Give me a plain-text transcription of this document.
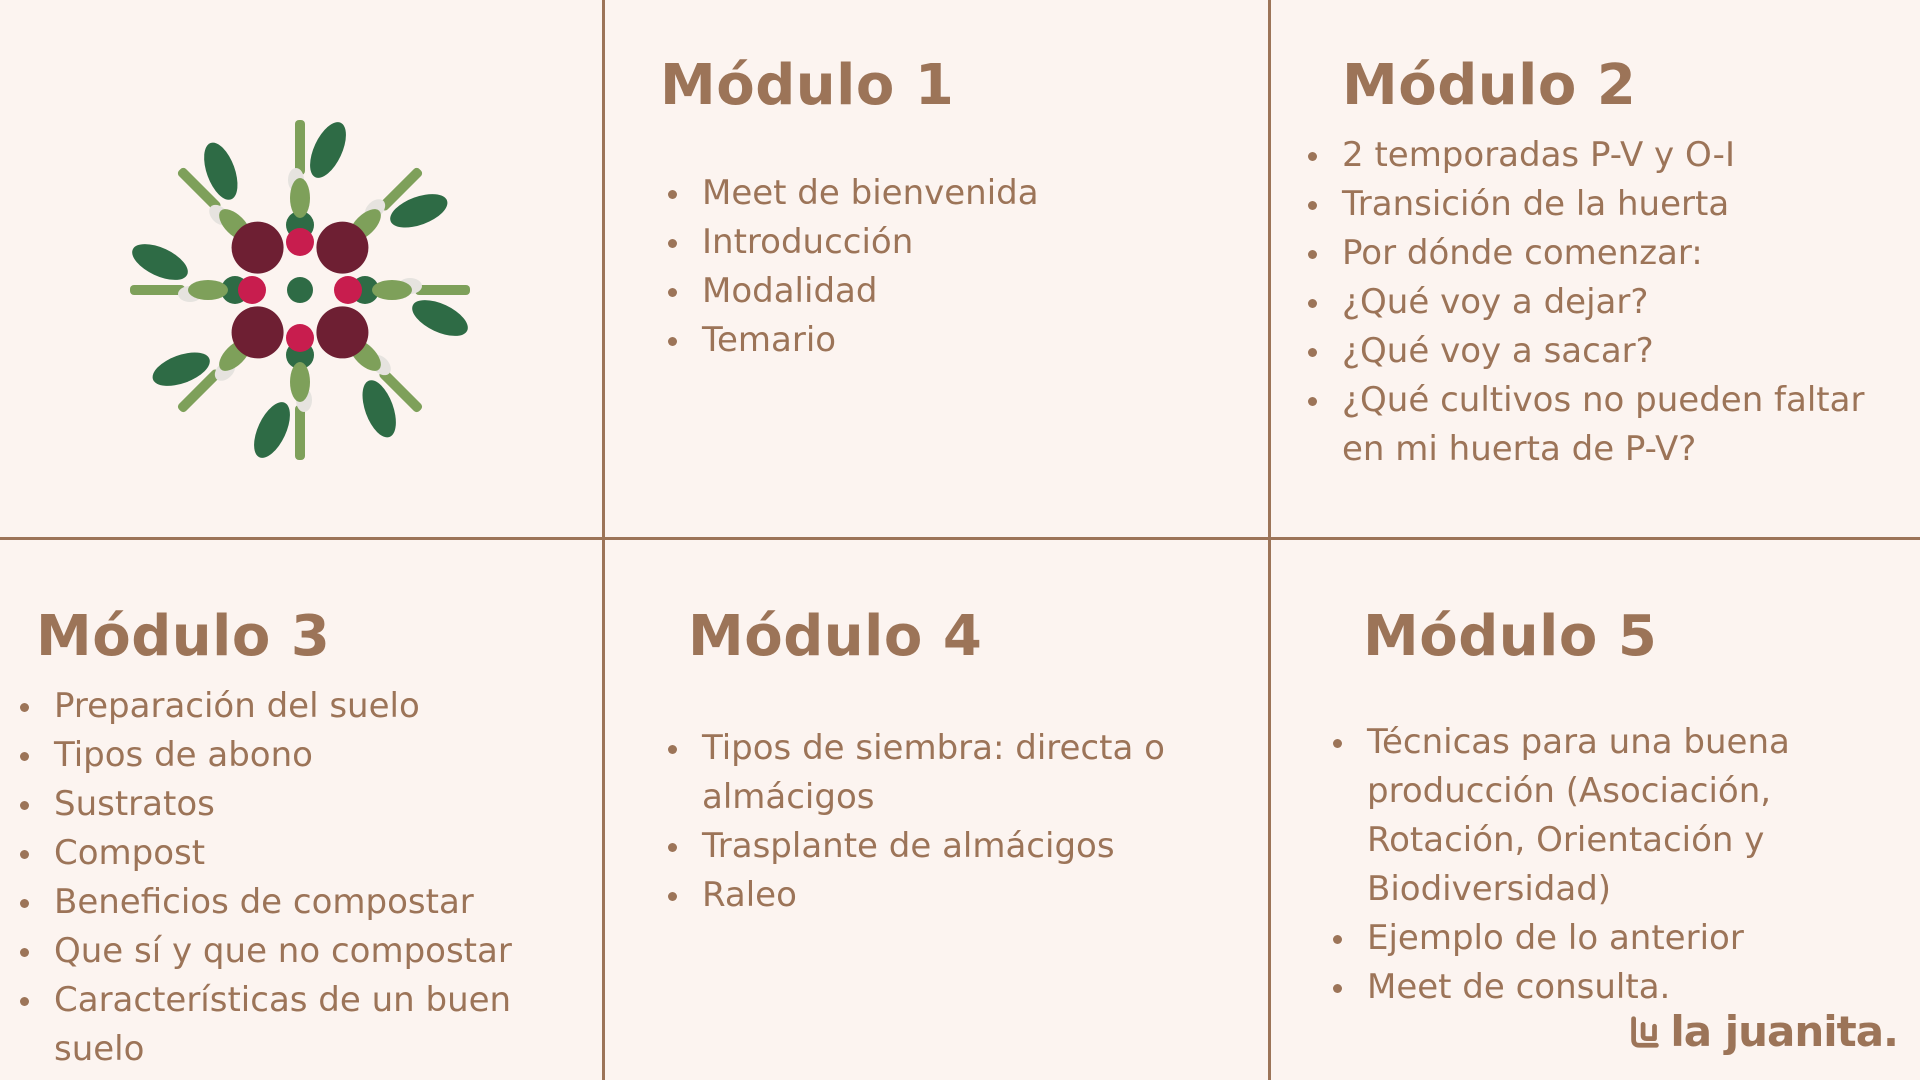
Módulo 1
Meet de bienvenida
Introducción
Modalidad
Temario
Módulo 2
2 temporadas P-V y O-I
Transición de la huerta
Por dónde comenzar:
¿Qué voy a dejar?
¿Qué voy a sacar?
¿Qué cultivos no pueden faltar en mi huerta de P-V?
Módulo 3
Preparación del suelo
Tipos de abono
Sustratos
Compost
Beneficios de compostar
Que sí y que no compostar
Características de un buen suelo
Módulo 4
Tipos de siembra: directa o almácigos
Trasplante de almácigos
Raleo
Módulo 5
Técnicas para una buena producción (Asociación, Rotación, Orientación y Biodiversidad)
Ejemplo de lo anterior
Meet de consulta.
la juanita.
